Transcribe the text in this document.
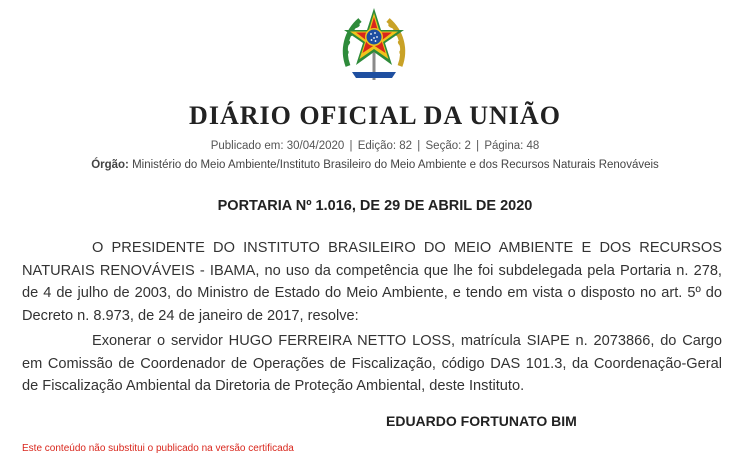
DIÁRIO OFICIAL DA UNIÃO
Publicado em: 30/04/2020 | Edição: 82 | Seção: 2 | Página: 48
Órgão: Ministério do Meio Ambiente/Instituto Brasileiro do Meio Ambiente e dos Recursos Naturais Renováveis
PORTARIA Nº 1.016, DE 29 DE ABRIL DE 2020

O PRESIDENTE DO INSTITUTO BRASILEIRO DO MEIO AMBIENTE E DOS RECURSOS NATURAIS RENOVÁVEIS - IBAMA, no uso da competência que lhe foi subdelegada pela Portaria n. 278, de 4 de julho de 2003, do Ministro de Estado do Meio Ambiente, e tendo em vista o disposto no art. 5º do Decreto n. 8.973, de 24 de janeiro de 2017, resolve:

Exonerar o servidor HUGO FERREIRA NETTO LOSS, matrícula SIAPE n. 2073866, do Cargo em Comissão de Coordenador de Operações de Fiscalização, código DAS 101.3, da Coordenação-Geral de Fiscalização Ambiental da Diretoria de Proteção Ambiental, deste Instituto.

EDUARDO FORTUNATO BIM
Este conteúdo não substitui o publicado na versão certificada
